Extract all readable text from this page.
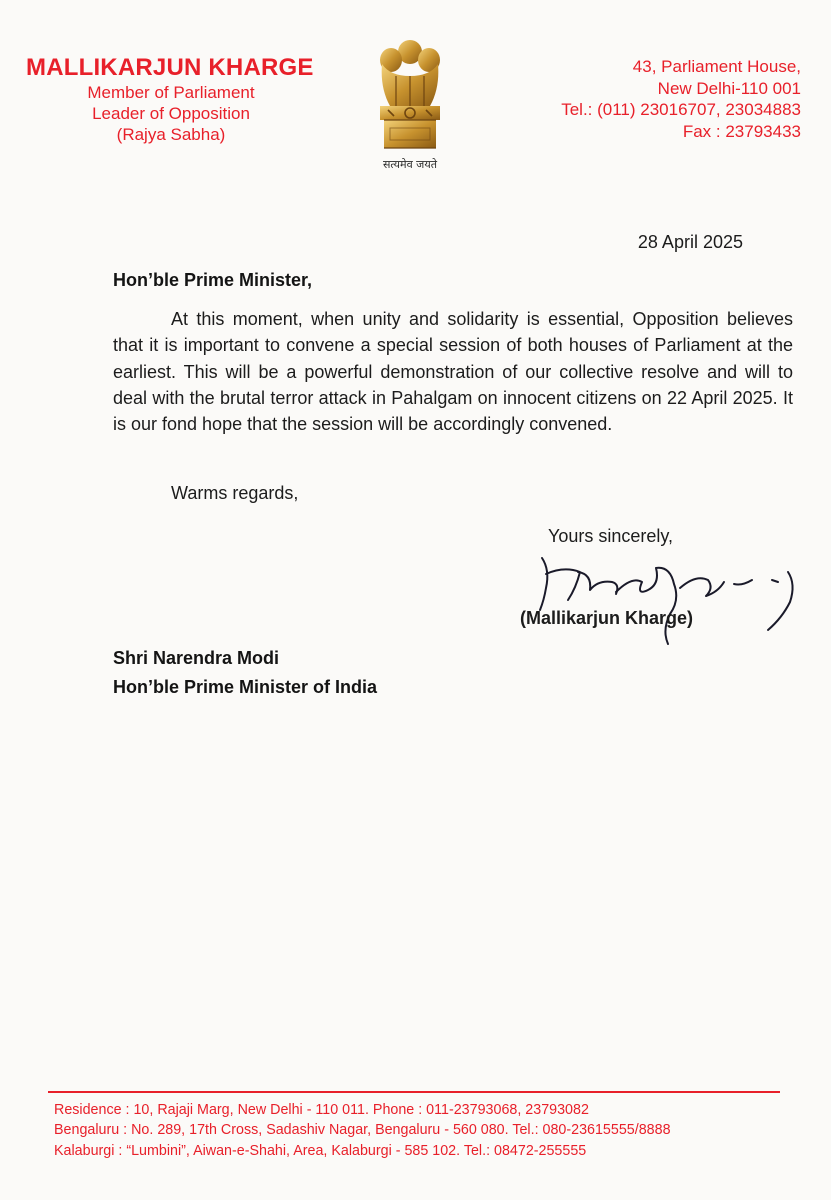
MALLIKARJUN KHARGE
Member of Parliament
Leader of Opposition
(Rajya Sabha)
सत्यमेव जयते
43, Parliament House,
New Delhi-110 001
Tel.: (011) 23016707, 23034883
Fax : 23793433
28 April 2025
Hon’ble Prime Minister,
At this moment, when unity and solidarity is essential, Opposition believes that it is important to convene a special session of both houses of Parliament at the earliest. This will be a powerful demonstration of our collective resolve and will to deal with the brutal terror attack in Pahalgam on innocent citizens on 22 April 2025. It is our fond hope that the session will be accordingly convened.
Warms regards,
Yours sincerely,
(Mallikarjun Kharge)
Shri Narendra Modi
Hon’ble Prime Minister of India
Residence : 10, Rajaji Marg, New Delhi - 110 011. Phone : 011-23793068, 23793082
Bengaluru : No. 289, 17th Cross, Sadashiv Nagar, Bengaluru - 560 080. Tel.: 080-23615555/8888
Kalaburgi : “Lumbini”, Aiwan-e-Shahi, Area, Kalaburgi - 585 102. Tel.: 08472-255555
